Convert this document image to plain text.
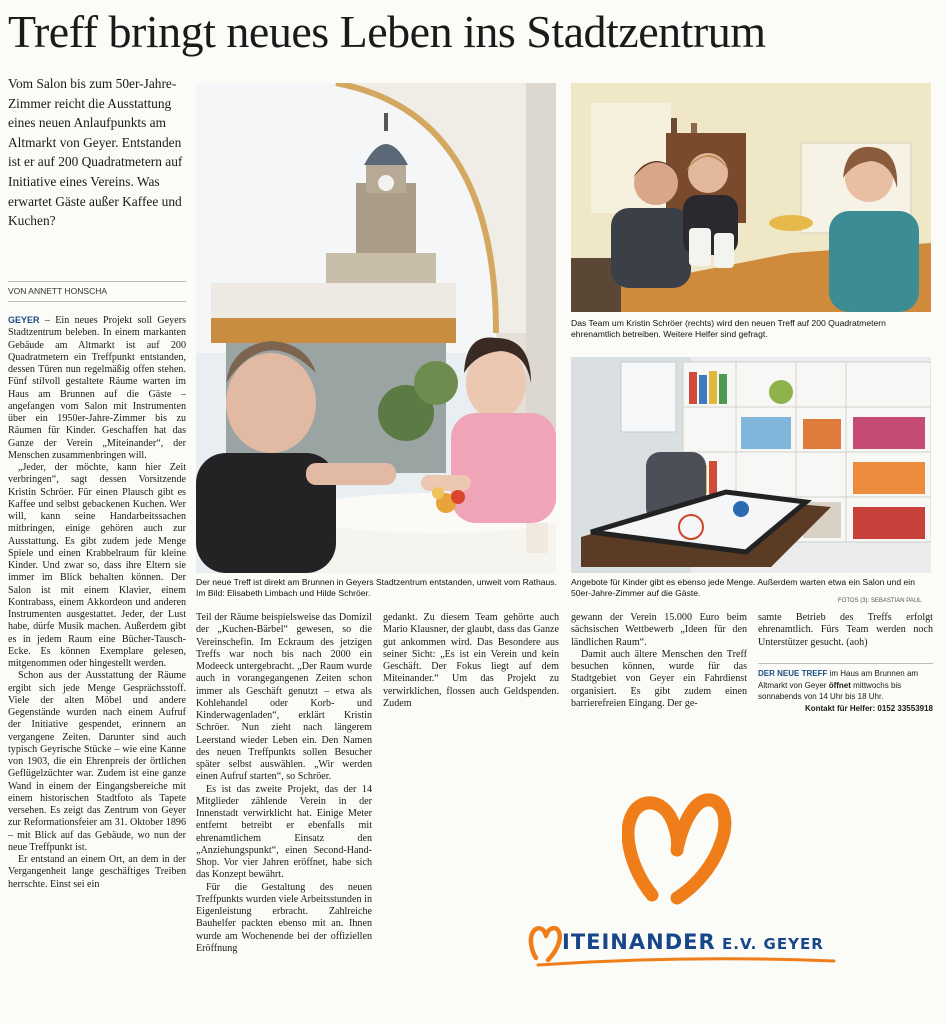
Treff bringt neues Leben ins Stadtzentrum
Vom Salon bis zum 50er-Jahre-Zimmer reicht die Ausstattung eines neuen Anlaufpunkts am Altmarkt von Geyer. Entstanden ist er auf 200 Quadratmetern auf Initiative eines Vereins. Was erwartet Gäste außer Kaffee und Kuchen?
VON ANNETT HONSCHA

GEYER – Ein neues Projekt soll Geyers Stadtzentrum beleben. In einem markanten Gebäude am Altmarkt ist auf 200 Quadratmetern ein Treffpunkt entstanden, dessen Türen nun regelmäßig offen stehen. Fünf stilvoll gestaltete Räume warten im Haus am Brunnen auf die Gäste – angefangen vom Salon mit Instrumenten über ein 1950er-Jahre-Zimmer bis zu Räumen für Kinder. Geschaffen hat das Ganze der Verein „Miteinander“, der Menschen zusammenbringen will.

„Jeder, der möchte, kann hier Zeit verbringen“, sagt dessen Vorsitzende Kristin Schröer. Für einen Plausch gibt es Kaffee und selbst gebackenen Kuchen. Wer will, kann seine Handarbeitssachen mitbringen, einige gehören auch zur Ausstattung. Es gibt zudem jede Menge Spiele und einen Krabbelraum für kleine Kinder. Und zwar so, dass ihre Eltern sie immer im Blick behalten können. Der Salon ist mit einem Klavier, einem Kontrabass, einem Akkordeon und anderen Instrumenten ausgestattet. Jeder, der Lust habe, dürfe Musik machen. Außerdem gibt es in jedem Raum eine Bücher-Tausch-Ecke. Es können Exemplare gelesen, mitgenommen oder hingestellt werden.

Schon aus der Ausstattung der Räume ergibt sich jede Menge Gesprächsstoff. Viele der alten Möbel und andere Gegenstände wurden nach einem Aufruf der Initiative gespendet, erinnern an vergangene Zeiten. Darunter sind auch typisch Geyrische Stücke – wie eine Kanne von 1903, die ein Ehrenpreis der örtlichen Geflügelzüchter war. Zudem ist eine ganze Wand in einem der Eingangsbereiche mit einem historischen Stadtfoto als Tapete versehen. Es zeigt das Zentrum von Geyer zur Reformationsfeier am 31. Oktober 1896 – mit Blick auf das Gebäude, wo nun der neue Treffpunkt ist.

Er entstand an einem Ort, an dem in der Vergangenheit lange geschäftiges Treiben herrschte. Einst sei ein

Das Team um Kristin Schröer (rechts) wird den neuen Treff auf 200 Quadratmetern ehrenamtlich betreiben. Weitere Helfer sind gefragt.
Angebote für Kinder gibt es ebenso jede Menge. Außerdem warten etwa ein Salon und ein 50er-Jahre-Zimmer auf die Gäste.
FOTOS (3): SEBASTIAN PAUL
Der neue Treff ist direkt am Brunnen in Geyers Stadtzentrum entstanden, unweit vom Rathaus. Im Bild: Elisabeth Limbach und Hilde Schröer.

Teil der Räume beispielsweise das Domizil der „Kuchen-Bärbel“ gewesen, so die Vereinschefin. Im Eckraum des jetzigen Treffs war noch bis nach 2000 ein Modeeck untergebracht. „Der Raum wurde auch in vorangegangenen Zeiten schon immer als Geschäft genutzt – etwa als Kohlehandel oder Korb- und Kinderwagenladen“, erklärt Kristin Schröer. Nun zieht nach längerem Leerstand wieder Leben ein. Den Namen des neuen Treffpunkts sollen Besucher später selbst auswählen. „Wir werden einen Aufruf starten“, so Schröer.

Es ist das zweite Projekt, das der 14 Mitglieder zählende Verein in der Innenstadt verwirklicht hat. Einige Meter entfernt betreibt er ebenfalls mit ehrenamtlichem Einsatz den „Anziehungspunkt“, einen Second-Hand-Shop. Vor vier Jahren eröffnet, habe sich das Konzept bewährt.

Für die Gestaltung des neuen Treffpunkts wurden viele Arbeitsstunden in Eigenleistung erbracht. Zahlreiche Bauhelfer packten ebenso mit an. Ihnen wurde am Wochenende bei der offiziellen Eröffnung

gedankt. Zu diesem Team gehörte auch Mario Klausner, der glaubt, dass das Ganze gut ankommen wird. Das Besondere aus seiner Sicht: „Es ist ein Verein und kein Geschäft. Der Fokus liegt auf dem Miteinander.“ Um das Projekt zu verwirklichen, flossen auch Geldspenden. Zudem

gewann der Verein 15.000 Euro beim sächsischen Wettbewerb „Ideen für den ländlichen Raum“.

Damit auch ältere Menschen den Treff besuchen können, wurde für das Stadtgebiet von Geyer ein Fahrdienst organisiert. Es gibt zudem einen barrierefreien Eingang. Der ge-

samte Betrieb des Treffs erfolgt ehrenamtlich. Fürs Team werden noch Unterstützer gesucht. (aoh)

DER NEUE TREFF im Haus am Brunnen am Altmarkt von Geyer öffnet mittwochs bis sonnabends von 14 Uhr bis 18 Uhr.
Kontakt für Helfer: 0152 33553918
ITEINANDER E.V. GEYER
